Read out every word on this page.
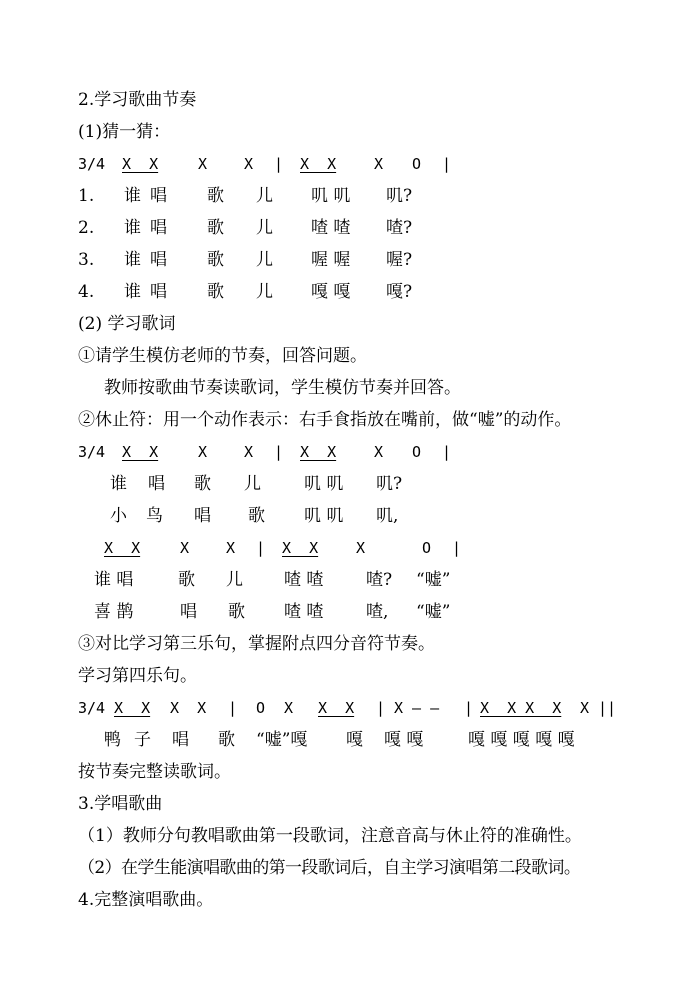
2.学习歌曲节奏
(1)猜一猜：
3/4 X  X	X X | X  X	X O |
1. 谁 唱 歌 儿 叽 叽 叽?
2. 谁 唱 歌 儿 喳 喳 喳?
3. 谁 唱 歌 儿 喔 喔 喔?
4. 谁 唱 歌 儿 嘎 嘎 嘎?
(2) 学习歌词
①请学生模仿老师的节奏，回答问题。
教师按歌曲节奏读歌词，学生模仿节奏并回答。
②休止符：用一个动作表示：右手食指放在嘴前，做“嘘”的动作。
3/4 X  X	X X | X  X	X O |
谁 唱 歌 儿	叽 叽 叽?
小 鸟 唱 歌 叽 叽 叽,
X  X	X X | X  X	X	O |
谁 唱	歌 儿 喳 喳	喳? “嘘”
喜 鹊	唱 歌 喳 喳	喳, “嘘”
③对比学习第三乐句，掌握附点四分音符节奏。
学习第四乐句。
3/4 X  X X  X | O X X  X | X — — | X  X X  X X ||
鸭 子 唱 歌 “嘘”嘎 嘎 嘎 嘎	嘎 嘎 嘎 嘎 嘎
按节奏完整读歌词。
3.学唱歌曲
（1）教师分句教唱歌曲第一段歌词，注意音高与休止符的准确性。
（2）在学生能演唱歌曲的第一段歌词后，自主学习演唱第二段歌词。
4.完整演唱歌曲。
